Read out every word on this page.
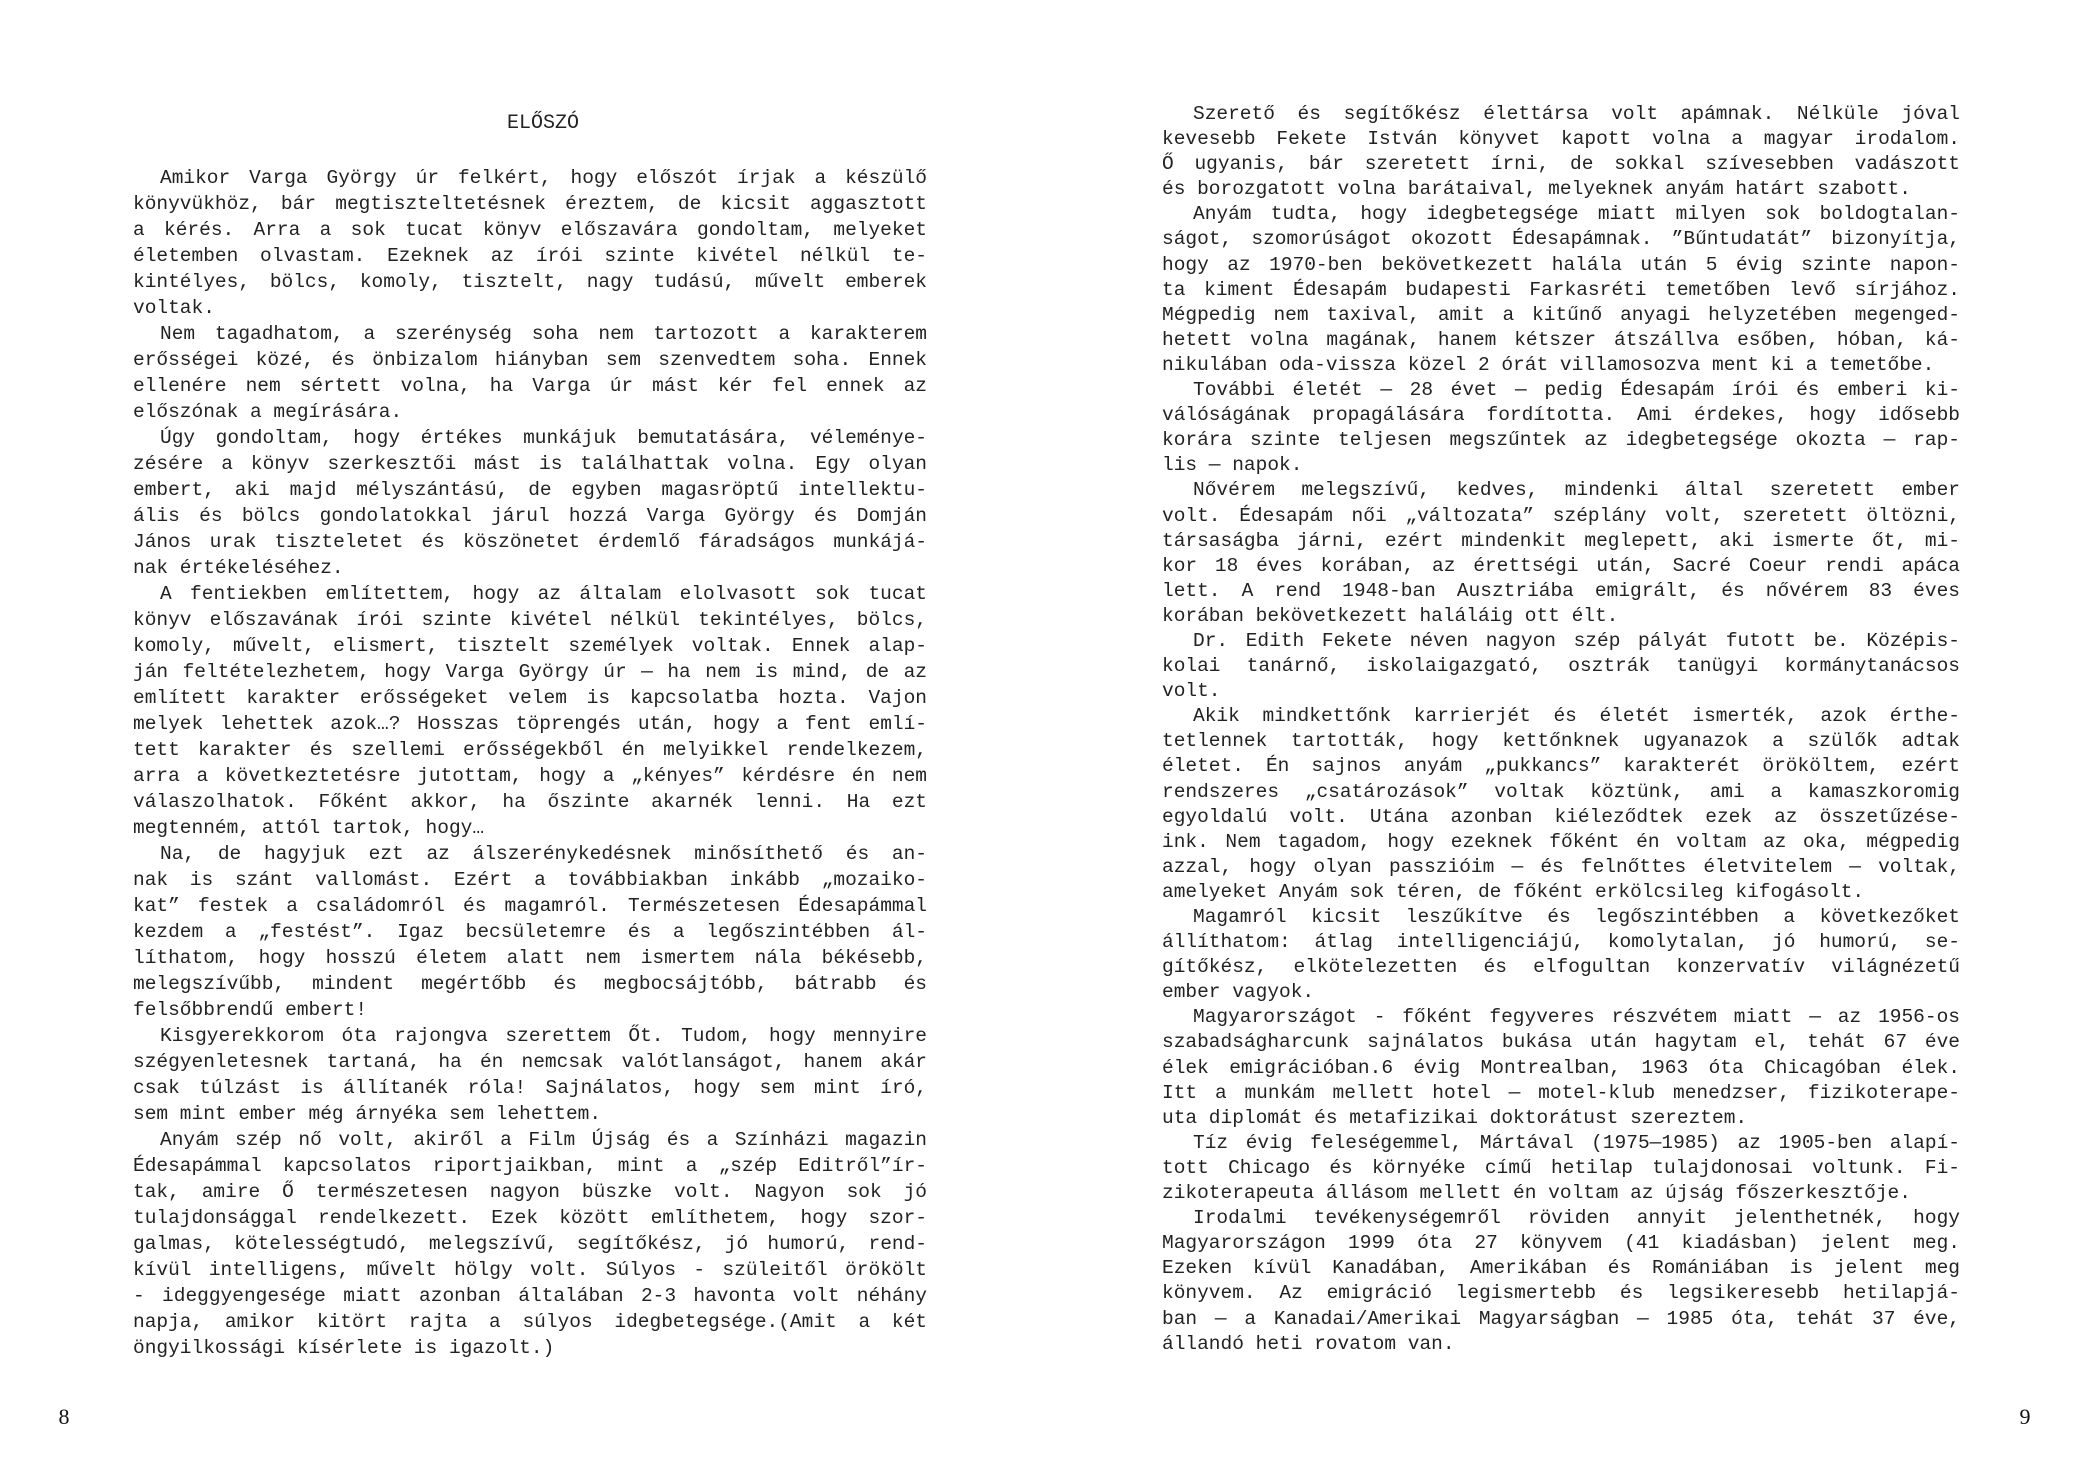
ELŐSZÓ
Amikor Varga György úr felkért, hogy előszót írjak a készülő
könyvükhöz, bár megtiszteltetésnek éreztem, de kicsit aggasztott
a kérés. Arra a sok tucat könyv előszavára gondoltam, melyeket
életemben olvastam. Ezeknek az írói szinte kivétel nélkül te-
kintélyes, bölcs, komoly, tisztelt, nagy tudású, művelt emberek
voltak.
Nem tagadhatom, a szerénység soha nem tartozott a karakterem
erősségei közé, és önbizalom hiányban sem szenvedtem soha. Ennek
ellenére nem sértett volna, ha Varga úr mást kér fel ennek az
előszónak a megírására.
Úgy gondoltam, hogy értékes munkájuk bemutatására, véleménye-
zésére a könyv szerkesztői mást is találhattak volna. Egy olyan
embert, aki majd mélyszántású, de egyben magasröptű intellektu-
ális és bölcs gondolatokkal járul hozzá Varga György és Domján
János urak tiszteletet és köszönetet érdemlő fáradságos munkájá-
nak értékeléséhez.
A fentiekben említettem, hogy az általam elolvasott sok tucat
könyv előszavának írói szinte kivétel nélkül tekintélyes, bölcs,
komoly, művelt, elismert, tisztelt személyek voltak. Ennek alap-
ján feltételezhetem, hogy Varga György úr — ha nem is mind, de az
említett karakter erősségeket velem is kapcsolatba hozta. Vajon
melyek lehettek azok…? Hosszas töprengés után, hogy a fent emlí-
tett karakter és szellemi erősségekből én melyikkel rendelkezem,
arra a következtetésre jutottam, hogy a „kényes” kérdésre én nem
válaszolhatok. Főként akkor, ha őszinte akarnék lenni. Ha ezt
megtenném, attól tartok, hogy…
Na, de hagyjuk ezt az álszerénykedésnek minősíthető és an-
nak is szánt vallomást. Ezért a továbbiakban inkább „mozaiko-
kat” festek a családomról és magamról. Természetesen Édesapámmal
kezdem a „festést”. Igaz becsületemre és a legőszintébben ál-
líthatom, hogy hosszú életem alatt nem ismertem nála békésebb,
melegszívűbb, mindent megértőbb és megbocsájtóbb, bátrabb és
felsőbbrendű embert!
Kisgyerekkorom óta rajongva szerettem Őt. Tudom, hogy mennyire
szégyenletesnek tartaná, ha én nemcsak valótlanságot, hanem akár
csak túlzást is állítanék róla! Sajnálatos, hogy sem mint író,
sem mint ember még árnyéka sem lehettem.
Anyám szép nő volt, akiről a Film Újság és a Színházi magazin
Édesapámmal kapcsolatos riportjaikban, mint a „szép Editről”ír-
tak, amire Ő természetesen nagyon büszke volt. Nagyon sok jó
tulajdonsággal rendelkezett. Ezek között említhetem, hogy szor-
galmas, kötelességtudó, melegszívű, segítőkész, jó humorú, rend-
kívül intelligens, művelt hölgy volt. Súlyos - szüleitől örökölt
- ideggyengesége miatt azonban általában 2-3 havonta volt néhány
napja, amikor kitört rajta a súlyos idegbetegsége.(Amit a két
öngyilkossági kísérlete is igazolt.)
8
Szerető és segítőkész élettársa volt apámnak. Nélküle jóval
kevesebb Fekete István könyvet kapott volna a magyar irodalom.
Ő ugyanis, bár szeretett írni, de sokkal szívesebben vadászott
és borozgatott volna barátaival, melyeknek anyám határt szabott.
Anyám tudta, hogy idegbetegsége miatt milyen sok boldogtalan-
ságot, szomorúságot okozott Édesapámnak. ”Bűntudatát” bizonyítja,
hogy az 1970-ben bekövetkezett halála után 5 évig szinte napon-
ta kiment Édesapám budapesti Farkasréti temetőben levő sírjához.
Mégpedig nem taxival, amit a kitűnő anyagi helyzetében megenged-
hetett volna magának, hanem kétszer átszállva esőben, hóban, ká-
nikulában oda-vissza közel 2 órát villamosozva ment ki a temetőbe.
További életét — 28 évet — pedig Édesapám írói és emberi ki-
válóságának propagálására fordította. Ami érdekes, hogy idősebb
korára szinte teljesen megszűntek az idegbetegsége okozta — rap-
lis — napok.
Nővérem melegszívű, kedves, mindenki által szeretett ember
volt. Édesapám női „változata” széplány volt, szeretett öltözni,
társaságba járni, ezért mindenkit meglepett, aki ismerte őt, mi-
kor 18 éves korában, az érettségi után, Sacré Coeur rendi apáca
lett. A rend 1948-ban Ausztriába emigrált, és nővérem 83 éves
korában bekövetkezett haláláig ott élt.
Dr. Edith Fekete néven nagyon szép pályát futott be. Középis-
kolai tanárnő, iskolaigazgató, osztrák tanügyi kormánytanácsos
volt.
Akik mindkettőnk karrierjét és életét ismerték, azok érthe-
tetlennek tartották, hogy kettőnknek ugyanazok a szülők adtak
életet. Én sajnos anyám „pukkancs” karakterét örököltem, ezért
rendszeres „csatározások” voltak köztünk, ami a kamaszkoromig
egyoldalú volt. Utána azonban kiéleződtek ezek az összetűzése-
ink. Nem tagadom, hogy ezeknek főként én voltam az oka, mégpedig
azzal, hogy olyan passzióim — és felnőttes életvitelem — voltak,
amelyeket Anyám sok téren, de főként erkölcsileg kifogásolt.
Magamról kicsit leszűkítve és legőszintébben a következőket
állíthatom: átlag intelligenciájú, komolytalan, jó humorú, se-
gítőkész, elkötelezetten és elfogultan konzervatív világnézetű
ember vagyok.
Magyarországot - főként fegyveres részvétem miatt — az 1956-os
szabadságharcunk sajnálatos bukása után hagytam el, tehát 67 éve
élek emigrációban.6 évig Montrealban, 1963 óta Chicagóban élek.
Itt a munkám mellett hotel — motel-klub menedzser, fizikoterape-
uta diplomát és metafizikai doktorátust szereztem.
Tíz évig feleségemmel, Mártával (1975—1985) az 1905-ben alapí-
tott Chicago és környéke című hetilap tulajdonosai voltunk. Fi-
zikoterapeuta állásom mellett én voltam az újság főszerkesztője.
Irodalmi tevékenységemről röviden annyit jelenthetnék, hogy
Magyarországon 1999 óta 27 könyvem (41 kiadásban) jelent meg.
Ezeken kívül Kanadában, Amerikában és Romániában is jelent meg
könyvem. Az emigráció legismertebb és legsikeresebb hetilapjá-
ban — a Kanadai/Amerikai Magyarságban — 1985 óta, tehát 37 éve,
állandó heti rovatom van.
9
